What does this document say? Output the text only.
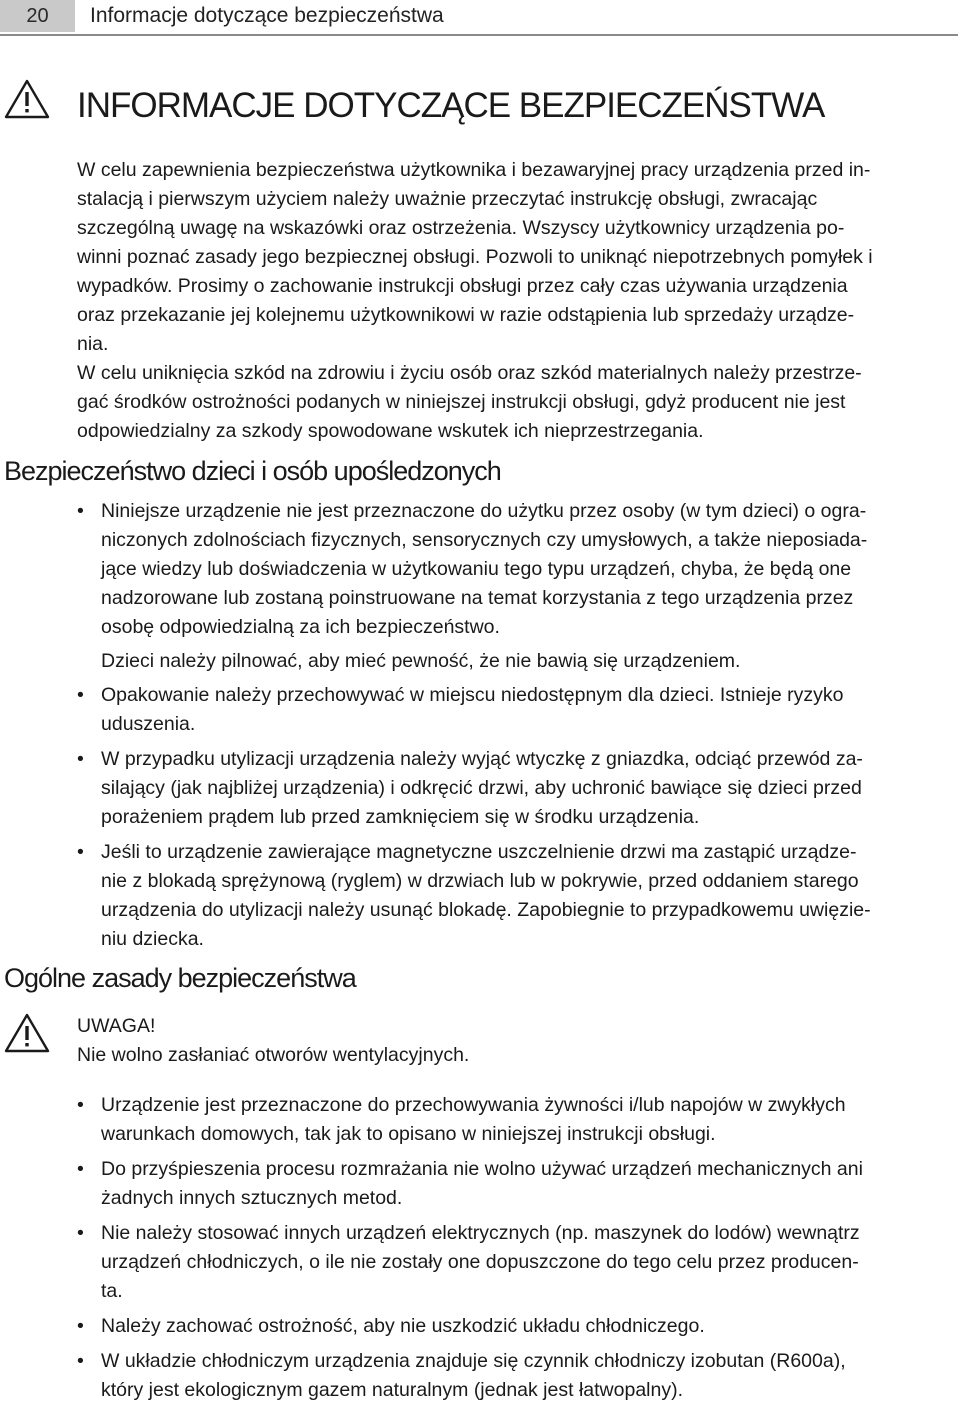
20	Informacje dotyczące bezpieczeństwa
INFORMACJE DOTYCZĄCE BEZPIECZEŃSTWA
W celu zapewnienia bezpieczeństwa użytkownika i bezawaryjnej pracy urządzenia przed in-
stalacją i pierwszym użyciem należy uważnie przeczytać instrukcję obsługi, zwracając
szczególną uwagę na wskazówki oraz ostrzeżenia. Wszyscy użytkownicy urządzenia po-
winni poznać zasady jego bezpiecznej obsługi. Pozwoli to uniknąć niepotrzebnych pomyłek i
wypadków. Prosimy o zachowanie instrukcji obsługi przez cały czas używania urządzenia
oraz przekazanie jej kolejnemu użytkownikowi w razie odstąpienia lub sprzedaży urządze-
nia.
W celu uniknięcia szkód na zdrowiu i życiu osób oraz szkód materialnych należy przestrze-
gać środków ostrożności podanych w niniejszej instrukcji obsługi, gdyż producent nie jest
odpowiedzialny za szkody spowodowane wskutek ich nieprzestrzegania.
Bezpieczeństwo dzieci i osób upośledzonych
• Niniejsze urządzenie nie jest przeznaczone do użytku przez osoby (w tym dzieci) o ogra-
niczonych zdolnościach fizycznych, sensorycznych czy umysłowych, a także nieposiada-
jące wiedzy lub doświadczenia w użytkowaniu tego typu urządzeń, chyba, że będą one
nadzorowane lub zostaną poinstruowane na temat korzystania z tego urządzenia przez
osobę odpowiedzialną za ich bezpieczeństwo.
Dzieci należy pilnować, aby mieć pewność, że nie bawią się urządzeniem.
• Opakowanie należy przechowywać w miejscu niedostępnym dla dzieci. Istnieje ryzyko
uduszenia.
• W przypadku utylizacji urządzenia należy wyjąć wtyczkę z gniazdka, odciąć przewód za-
silający (jak najbliżej urządzenia) i odkręcić drzwi, aby uchronić bawiące się dzieci przed
porażeniem prądem lub przed zamknięciem się w środku urządzenia.
• Jeśli to urządzenie zawierające magnetyczne uszczelnienie drzwi ma zastąpić urządze-
nie z blokadą sprężynową (ryglem) w drzwiach lub w pokrywie, przed oddaniem starego
urządzenia do utylizacji należy usunąć blokadę. Zapobiegnie to przypadkowemu uwięzie-
niu dziecka.
Ogólne zasady bezpieczeństwa
UWAGA!
Nie wolno zasłaniać otworów wentylacyjnych.
• Urządzenie jest przeznaczone do przechowywania żywności i/lub napojów w zwykłych
warunkach domowych, tak jak to opisano w niniejszej instrukcji obsługi.
• Do przyśpieszenia procesu rozmrażania nie wolno używać urządzeń mechanicznych ani
żadnych innych sztucznych metod.
• Nie należy stosować innych urządzeń elektrycznych (np. maszynek do lodów) wewnątrz
urządzeń chłodniczych, o ile nie zostały one dopuszczone do tego celu przez producen-
ta.
• Należy zachować ostrożność, aby nie uszkodzić układu chłodniczego.
• W układzie chłodniczym urządzenia znajduje się czynnik chłodniczy izobutan (R600a),
który jest ekologicznym gazem naturalnym (jednak jest łatwopalny).
